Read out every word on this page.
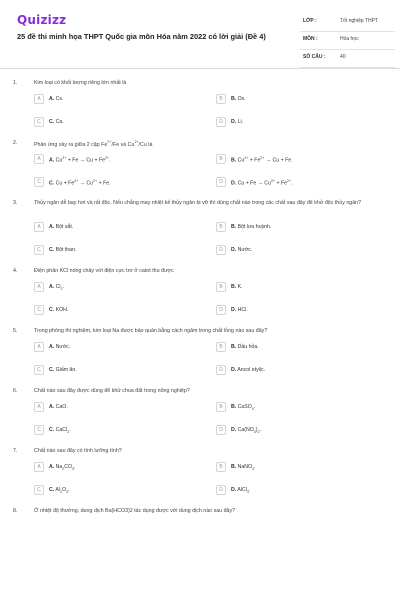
Quizizz
25 đề thi minh họa THPT Quốc gia môn Hóa năm 2022 có lời giải (Đề 4)
LỚP :	Tốt nghiệp THPT
MÔN :	Hóa học
SỐ CÂU :	40
1.	Kim loại có khối lượng riêng lớn nhất là
A	A. Cs.	B	B. Os.
C	C. Ca.	D	D. Li.
2.	Phản ứng xảy ra giữa 2 cặp $Fe^{2+}/Fe$ và $Cu^{2+}/Cu$ là
A	A. $Cu^{2+} + Fe \to Cu + Fe^{2+}$.	B	B. $Cu^{2+} + Fe^{2+} \to Cu + Fe$.
C	C. $Cu + Fe^{2+} \to Cu^{2+} + Fe$.	D	D. $Cu + Fe \to Cu^{2+} + Fe^{2+}$.
3.	Thủy ngân dễ bay hơi và rất độc. Nếu chẳng may nhiệt kế thủy ngân bị vỡ thì dùng chất nào trong các chất sau đây để khử độc thủy ngân?
A	A. Bột sắt.	B	B. Bột lưu huỳnh.
C	C. Bột than.	D	D. Nước.
4.	Điện phân KCl nóng chảy với điện cực trơ ở catot thu được
A	A. $Cl_2$.	B	B. K.
C	C. KOH.	D	D. HCl.
5.	Trong phòng thí nghiệm, kim loại Na được bảo quản bằng cách ngâm trong chất lỏng nào sau đây?
A	A. Nước.	B	B. Dầu hỏa.
C	C. Giấm ăn.	D	D. Ancol etylic.
6.	Chất nào sau đây được dùng để khử chua đất trong nông nghiệp?
A	A. CaO.	B	B. CaSO$_4$.
C	C. CaCl$_2$.	D	D. $Ca(NO_3)_2$.
7.	Chất nào sau đây có tính lưỡng tính?
A	A. $Na_2CO_3$.	B	B. NaNO$_3$.
C	C. $Al_2O_3$.	D	D. AlCl$_3$.
8.	Ở nhiệt độ thường, dung dịch Ba(HCO3)2 tác dụng được với dung dịch nào sau đây?
